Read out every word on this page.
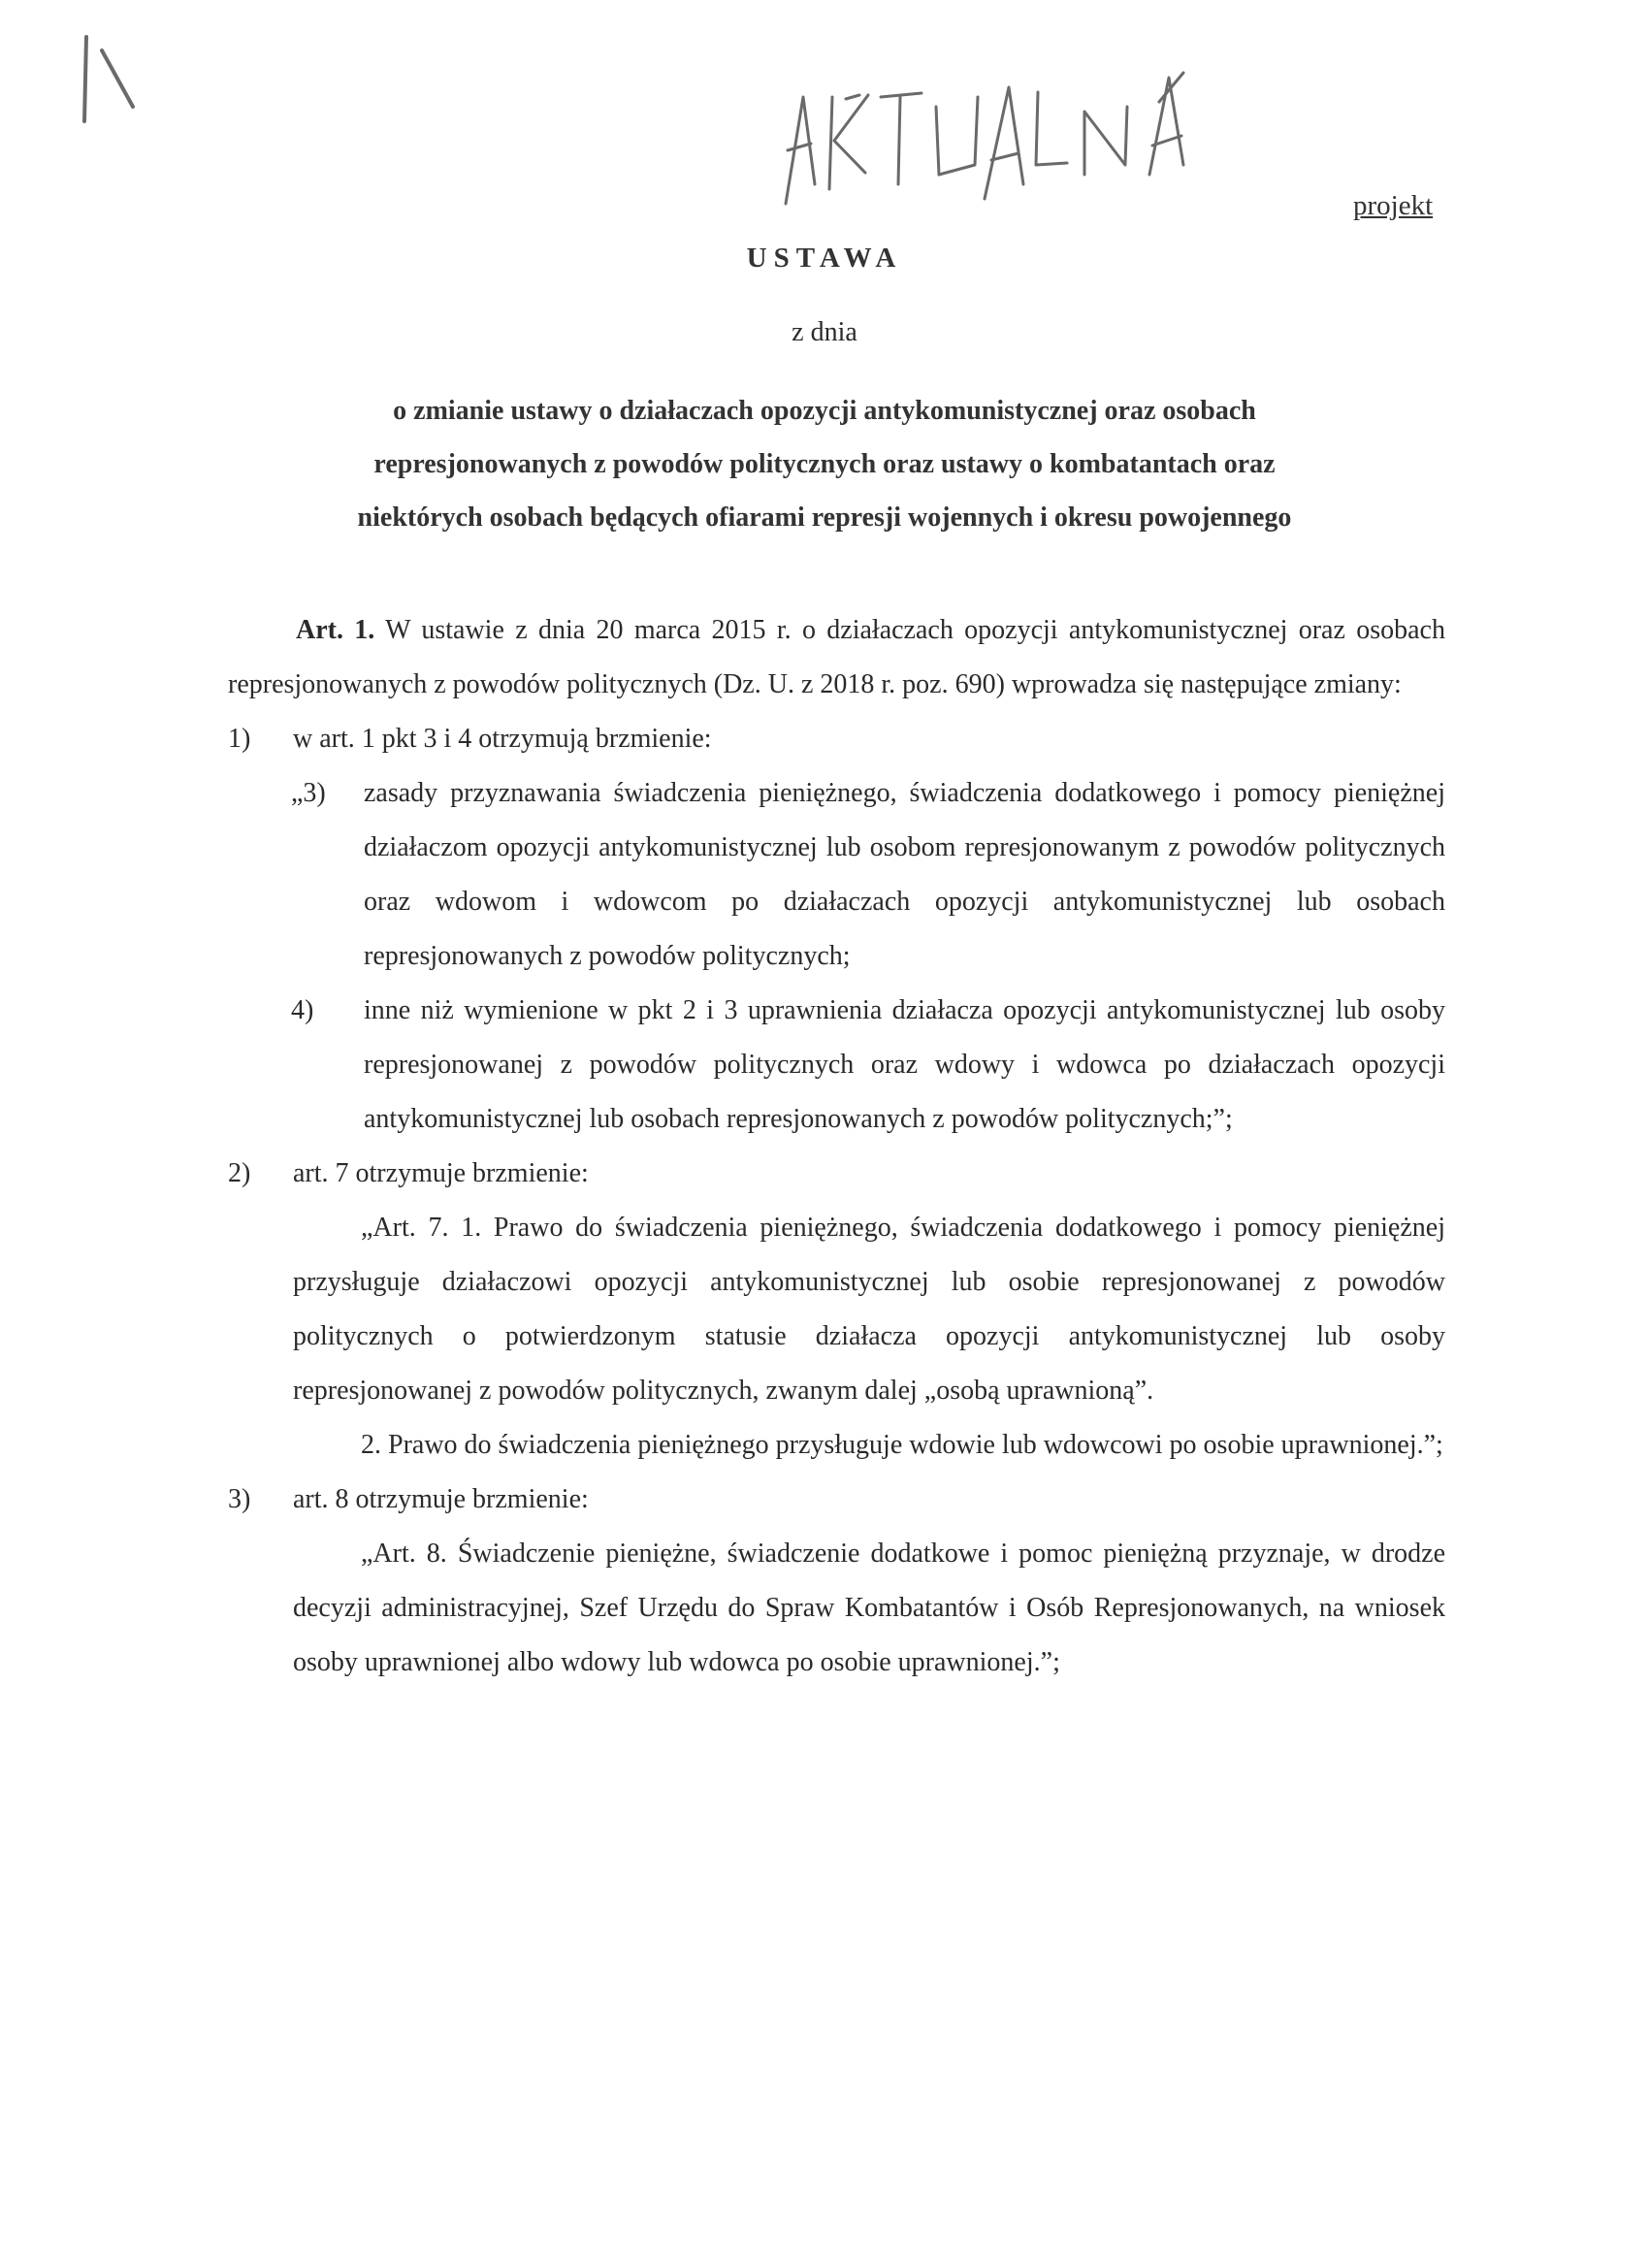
projekt
USTAWA
z dnia
o zmianie ustawy o działaczach opozycji antykomunistycznej oraz osobach
represjonowanych z powodów politycznych oraz ustawy o kombatantach oraz
niektórych osobach będących ofiarami represji wojennych i okresu powojennego

Art. 1. W ustawie z dnia 20 marca 2015 r. o działaczach opozycji antykomunistycznej oraz osobach represjonowanych z powodów politycznych (Dz. U. z 2018 r. poz. 690) wprowadza się następujące zmiany:

1) w art. 1 pkt 3 i 4 otrzymują brzmienie:

„3) zasady przyznawania świadczenia pieniężnego, świadczenia dodatkowego i pomocy pieniężnej działaczom opozycji antykomunistycznej lub osobom represjonowanym z powodów politycznych oraz wdowom i wdowcom po działaczach opozycji antykomunistycznej lub osobach represjonowanych z powodów politycznych;

4) inne niż wymienione w pkt 2 i 3 uprawnienia działacza opozycji antykomunistycznej lub osoby represjonowanej z powodów politycznych oraz wdowy i wdowca po działaczach opozycji antykomunistycznej lub osobach represjonowanych z powodów politycznych;”;

2) art. 7 otrzymuje brzmienie:

„Art. 7. 1. Prawo do świadczenia pieniężnego, świadczenia dodatkowego i pomocy pieniężnej przysługuje działaczowi opozycji antykomunistycznej lub osobie represjonowanej z powodów politycznych o potwierdzonym statusie działacza opozycji antykomunistycznej lub osoby represjonowanej z powodów politycznych, zwanym dalej „osobą uprawnioną”.

2. Prawo do świadczenia pieniężnego przysługuje wdowie lub wdowcowi po osobie uprawnionej.”;

3) art. 8 otrzymuje brzmienie:

„Art. 8. Świadczenie pieniężne, świadczenie dodatkowe i pomoc pieniężną przyznaje, w drodze decyzji administracyjnej, Szef Urzędu do Spraw Kombatantów i Osób Represjonowanych, na wniosek osoby uprawnionej albo wdowy lub wdowca po osobie uprawnionej.”;
